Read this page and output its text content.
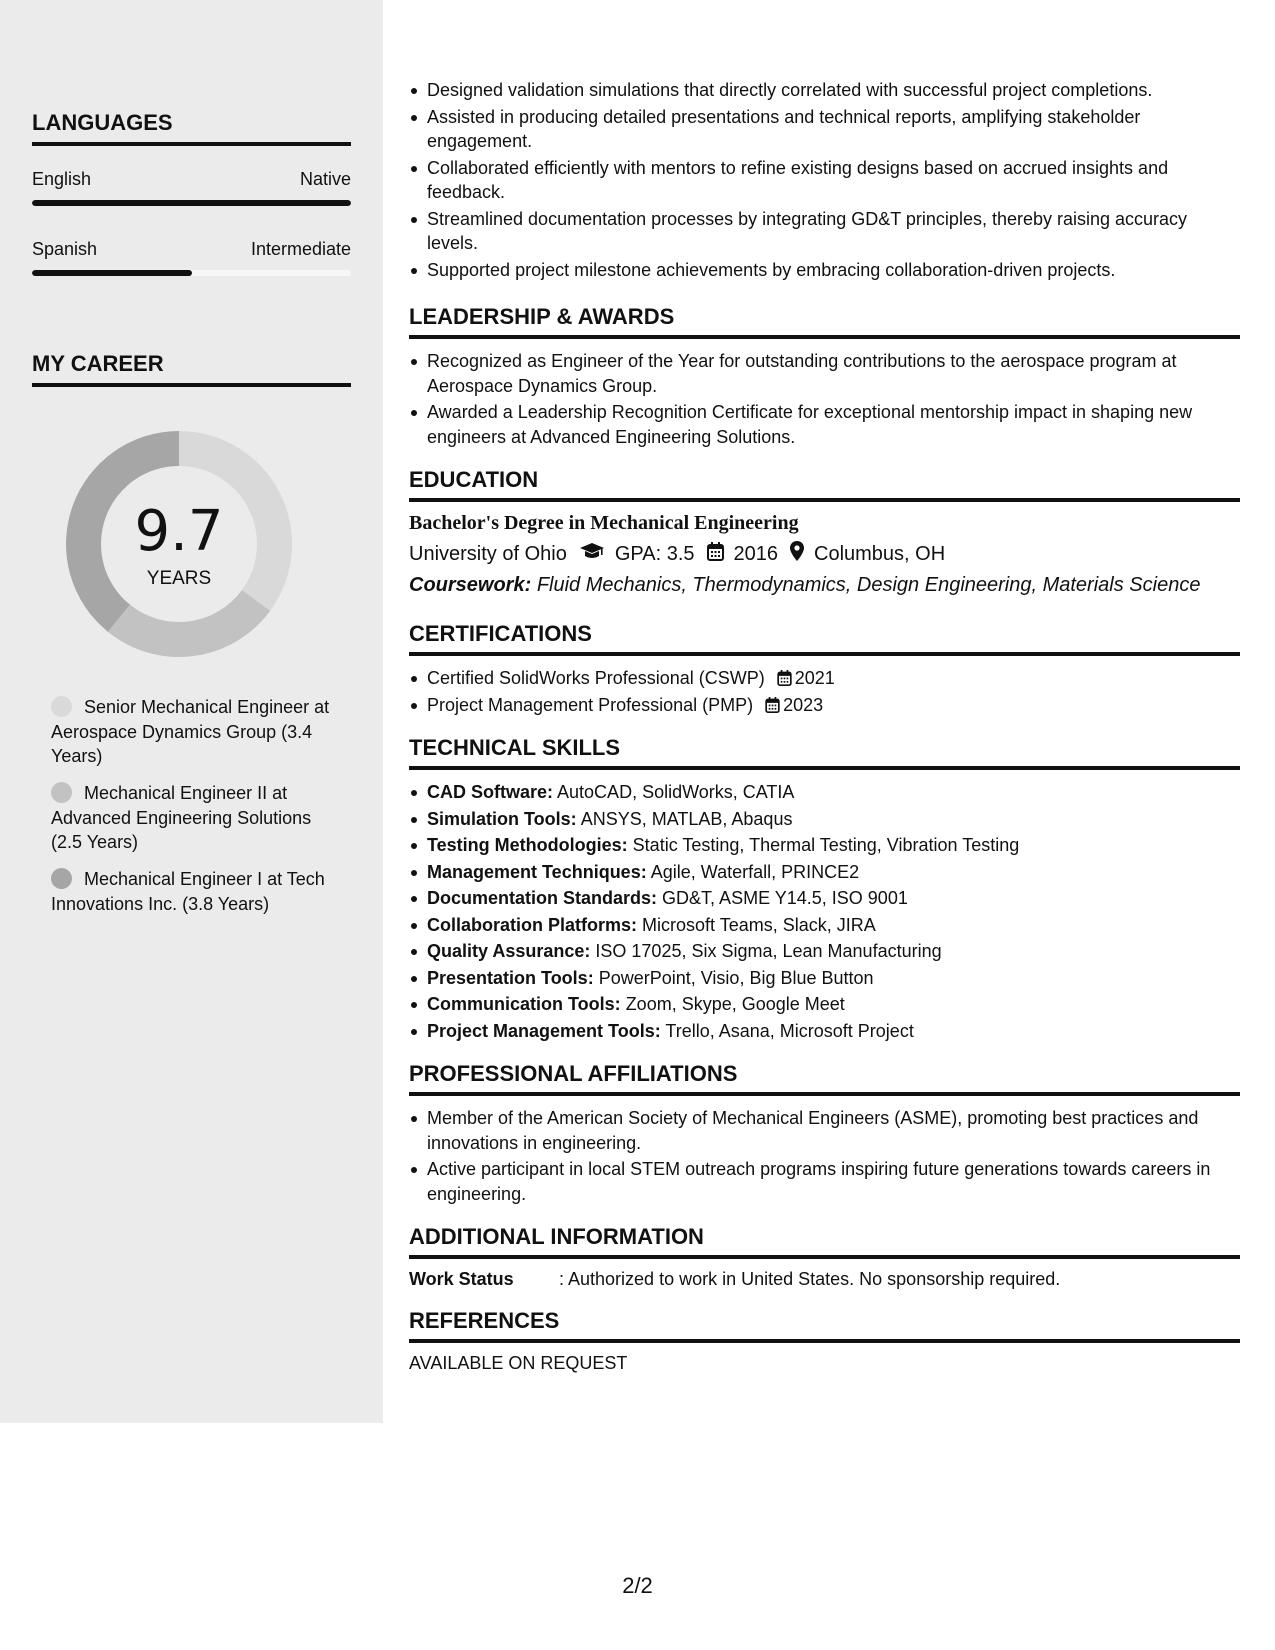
LANGUAGES
English	Native
Spanish	Intermediate
MY CAREER
9.7
YEARS
Senior Mechanical Engineer at Aerospace Dynamics Group (3.4 Years)
Mechanical Engineer II at Advanced Engineering Solutions (2.5 Years)
Mechanical Engineer I at Tech Innovations Inc. (3.8 Years)
Designed validation simulations that directly correlated with successful project completions.
Assisted in producing detailed presentations and technical reports, amplifying stakeholder engagement.
Collaborated efficiently with mentors to refine existing designs based on accrued insights and feedback.
Streamlined documentation processes by integrating GD&T principles, thereby raising accuracy levels.
Supported project milestone achievements by embracing collaboration-driven projects.
LEADERSHIP & AWARDS
Recognized as Engineer of the Year for outstanding contributions to the aerospace program at Aerospace Dynamics Group.
Awarded a Leadership Recognition Certificate for exceptional mentorship impact in shaping new engineers at Advanced Engineering Solutions.
EDUCATION
Bachelor's Degree in Mechanical Engineering
University of Ohio GPA: 3.5 2016 Columbus, OH
Coursework: Fluid Mechanics, Thermodynamics, Design Engineering, Materials Science
CERTIFICATIONS
Certified SolidWorks Professional (CSWP) 2021
Project Management Professional (PMP) 2023
TECHNICAL SKILLS
CAD Software: AutoCAD, SolidWorks, CATIA
Simulation Tools: ANSYS, MATLAB, Abaqus
Testing Methodologies: Static Testing, Thermal Testing, Vibration Testing
Management Techniques: Agile, Waterfall, PRINCE2
Documentation Standards: GD&T, ASME Y14.5, ISO 9001
Collaboration Platforms: Microsoft Teams, Slack, JIRA
Quality Assurance: ISO 17025, Six Sigma, Lean Manufacturing
Presentation Tools: PowerPoint, Visio, Big Blue Button
Communication Tools: Zoom, Skype, Google Meet
Project Management Tools: Trello, Asana, Microsoft Project
PROFESSIONAL AFFILIATIONS
Member of the American Society of Mechanical Engineers (ASME), promoting best practices and innovations in engineering.
Active participant in local STEM outreach programs inspiring future generations towards careers in engineering.
ADDITIONAL INFORMATION
Work Status	: Authorized to work in United States. No sponsorship required.
REFERENCES
AVAILABLE ON REQUEST
2/2
